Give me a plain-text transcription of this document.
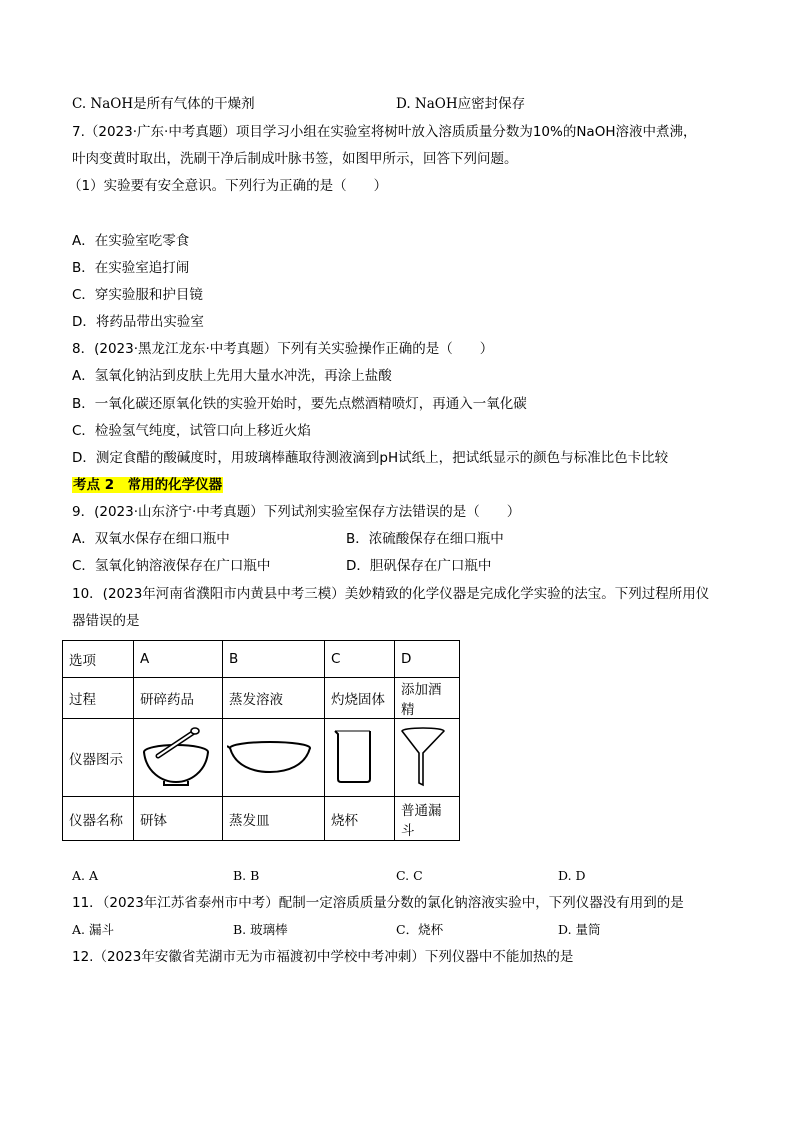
C. NaOH是所有气体的干燥剂	D. NaOH应密封保存
7.（2023·广东·中考真题）项目学习小组在实验室将树叶放入溶质质量分数为10%的NaOH溶液中煮沸，
叶肉变黄时取出，洗刷干净后制成叶脉书签，如图甲所示，回答下列问题。
（1）实验要有安全意识。下列行为正确的是（　　）
A．在实验室吃零食
B．在实验室追打闹
C．穿实验服和护目镜
D．将药品带出实验室
8．(2023·黑龙江龙东·中考真题）下列有关实验操作正确的是（　　）
A．氢氧化钠沾到皮肤上先用大量水冲洗，再涂上盐酸
B．一氧化碳还原氧化铁的实验开始时，要先点燃酒精喷灯，再通入一氧化碳
C．检验氢气纯度，试管口向上移近火焰
D．测定食醋的酸碱度时，用玻璃棒蘸取待测液滴到pH试纸上，把试纸显示的颜色与标准比色卡比较
考点 2　常用的化学仪器
9．(2023·山东济宁·中考真题）下列试剂实验室保存方法错误的是（　　）
A．双氧水保存在细口瓶中	B．浓硫酸保存在细口瓶中
C．氢氧化钠溶液保存在广口瓶中	D．胆矾保存在广口瓶中
10．(2023年河南省濮阳市内黄县中考三模）美妙精致的化学仪器是完成化学实验的法宝。下列过程所用仪
器错误的是
选项	A	B	C	D
过程	研碎药品	蒸发溶液	灼烧固体	添加酒精
仪器图示				
仪器名称	研钵	蒸发皿	烧杯	普通漏斗
A. A	B. B	C. C	D. D
11．（2023年江苏省泰州市中考）配制一定溶质质量分数的氯化钠溶液实验中，下列仪器没有用到的是
A. 漏斗	B. 玻璃棒	C．烧杯	D. 量筒
12.（2023年安徽省芜湖市无为市福渡初中学校中考冲刺）下列仪器中不能加热的是
